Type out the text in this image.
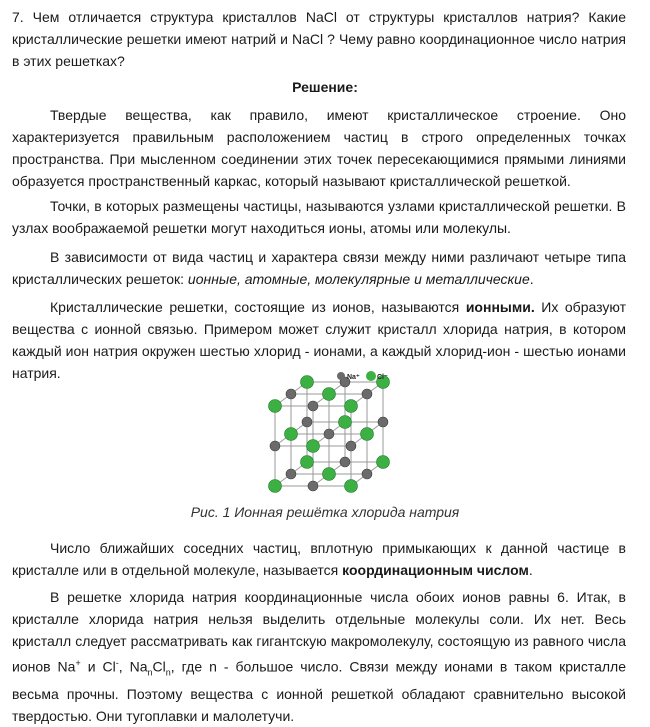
7. Чем отличается структура кристаллов NaCl от структуры кристаллов натрия? Какие кристаллические решетки имеют натрий и NaCl ? Чему равно координационное число натрия в этих решетках?

Решение:

Твердые вещества, как правило, имеют кристаллическое строение. Оно характеризуется правильным расположением частиц в строго определенных точках пространства. При мысленном соединении этих точек пересекающимися прямыми линиями образуется пространственный каркас, который называют кристаллической решеткой.

Точки, в которых размещены частицы, называются узлами кристаллической решетки. В узлах воображаемой решетки могут находиться ионы, атомы или молекулы.

В зависимости от вида частиц и характера связи между ними различают четыре типа кристаллических решеток: ионные, атомные, молекулярные и металлические.

Кристаллические решетки, состоящие из ионов, называются ионными. Их образуют вещества с ионной связью. Примером может служит кристалл хлорида натрия, в котором каждый ион натрия окружен шестью хлорид - ионами, а каждый хлорид-ион - шестью ионами натрия.	Na⁺ Cl⁻
Рис. 1 Ионная решётка хлорида натрия

Число ближайших соседних частиц, вплотную примыкающих к данной частице в кристалле или в отдельной молекуле, называется координационным числом.

В решетке хлорида натрия координационные числа обоих ионов равны 6. Итак, в кристалле хлорида натрия нельзя выделить отдельные молекулы соли. Их нет. Весь кристалл следует рассматривать как гигантскую макромолекулу, состоящую из равного числа ионов Na+ и Cl-, $Na_nCl_n$, где n - большое число. Связи между ионами в таком кристалле весьма прочны. Поэтому вещества с ионной решеткой обладают сравнительно высокой твердостью. Они тугоплавки и малолетучи.
